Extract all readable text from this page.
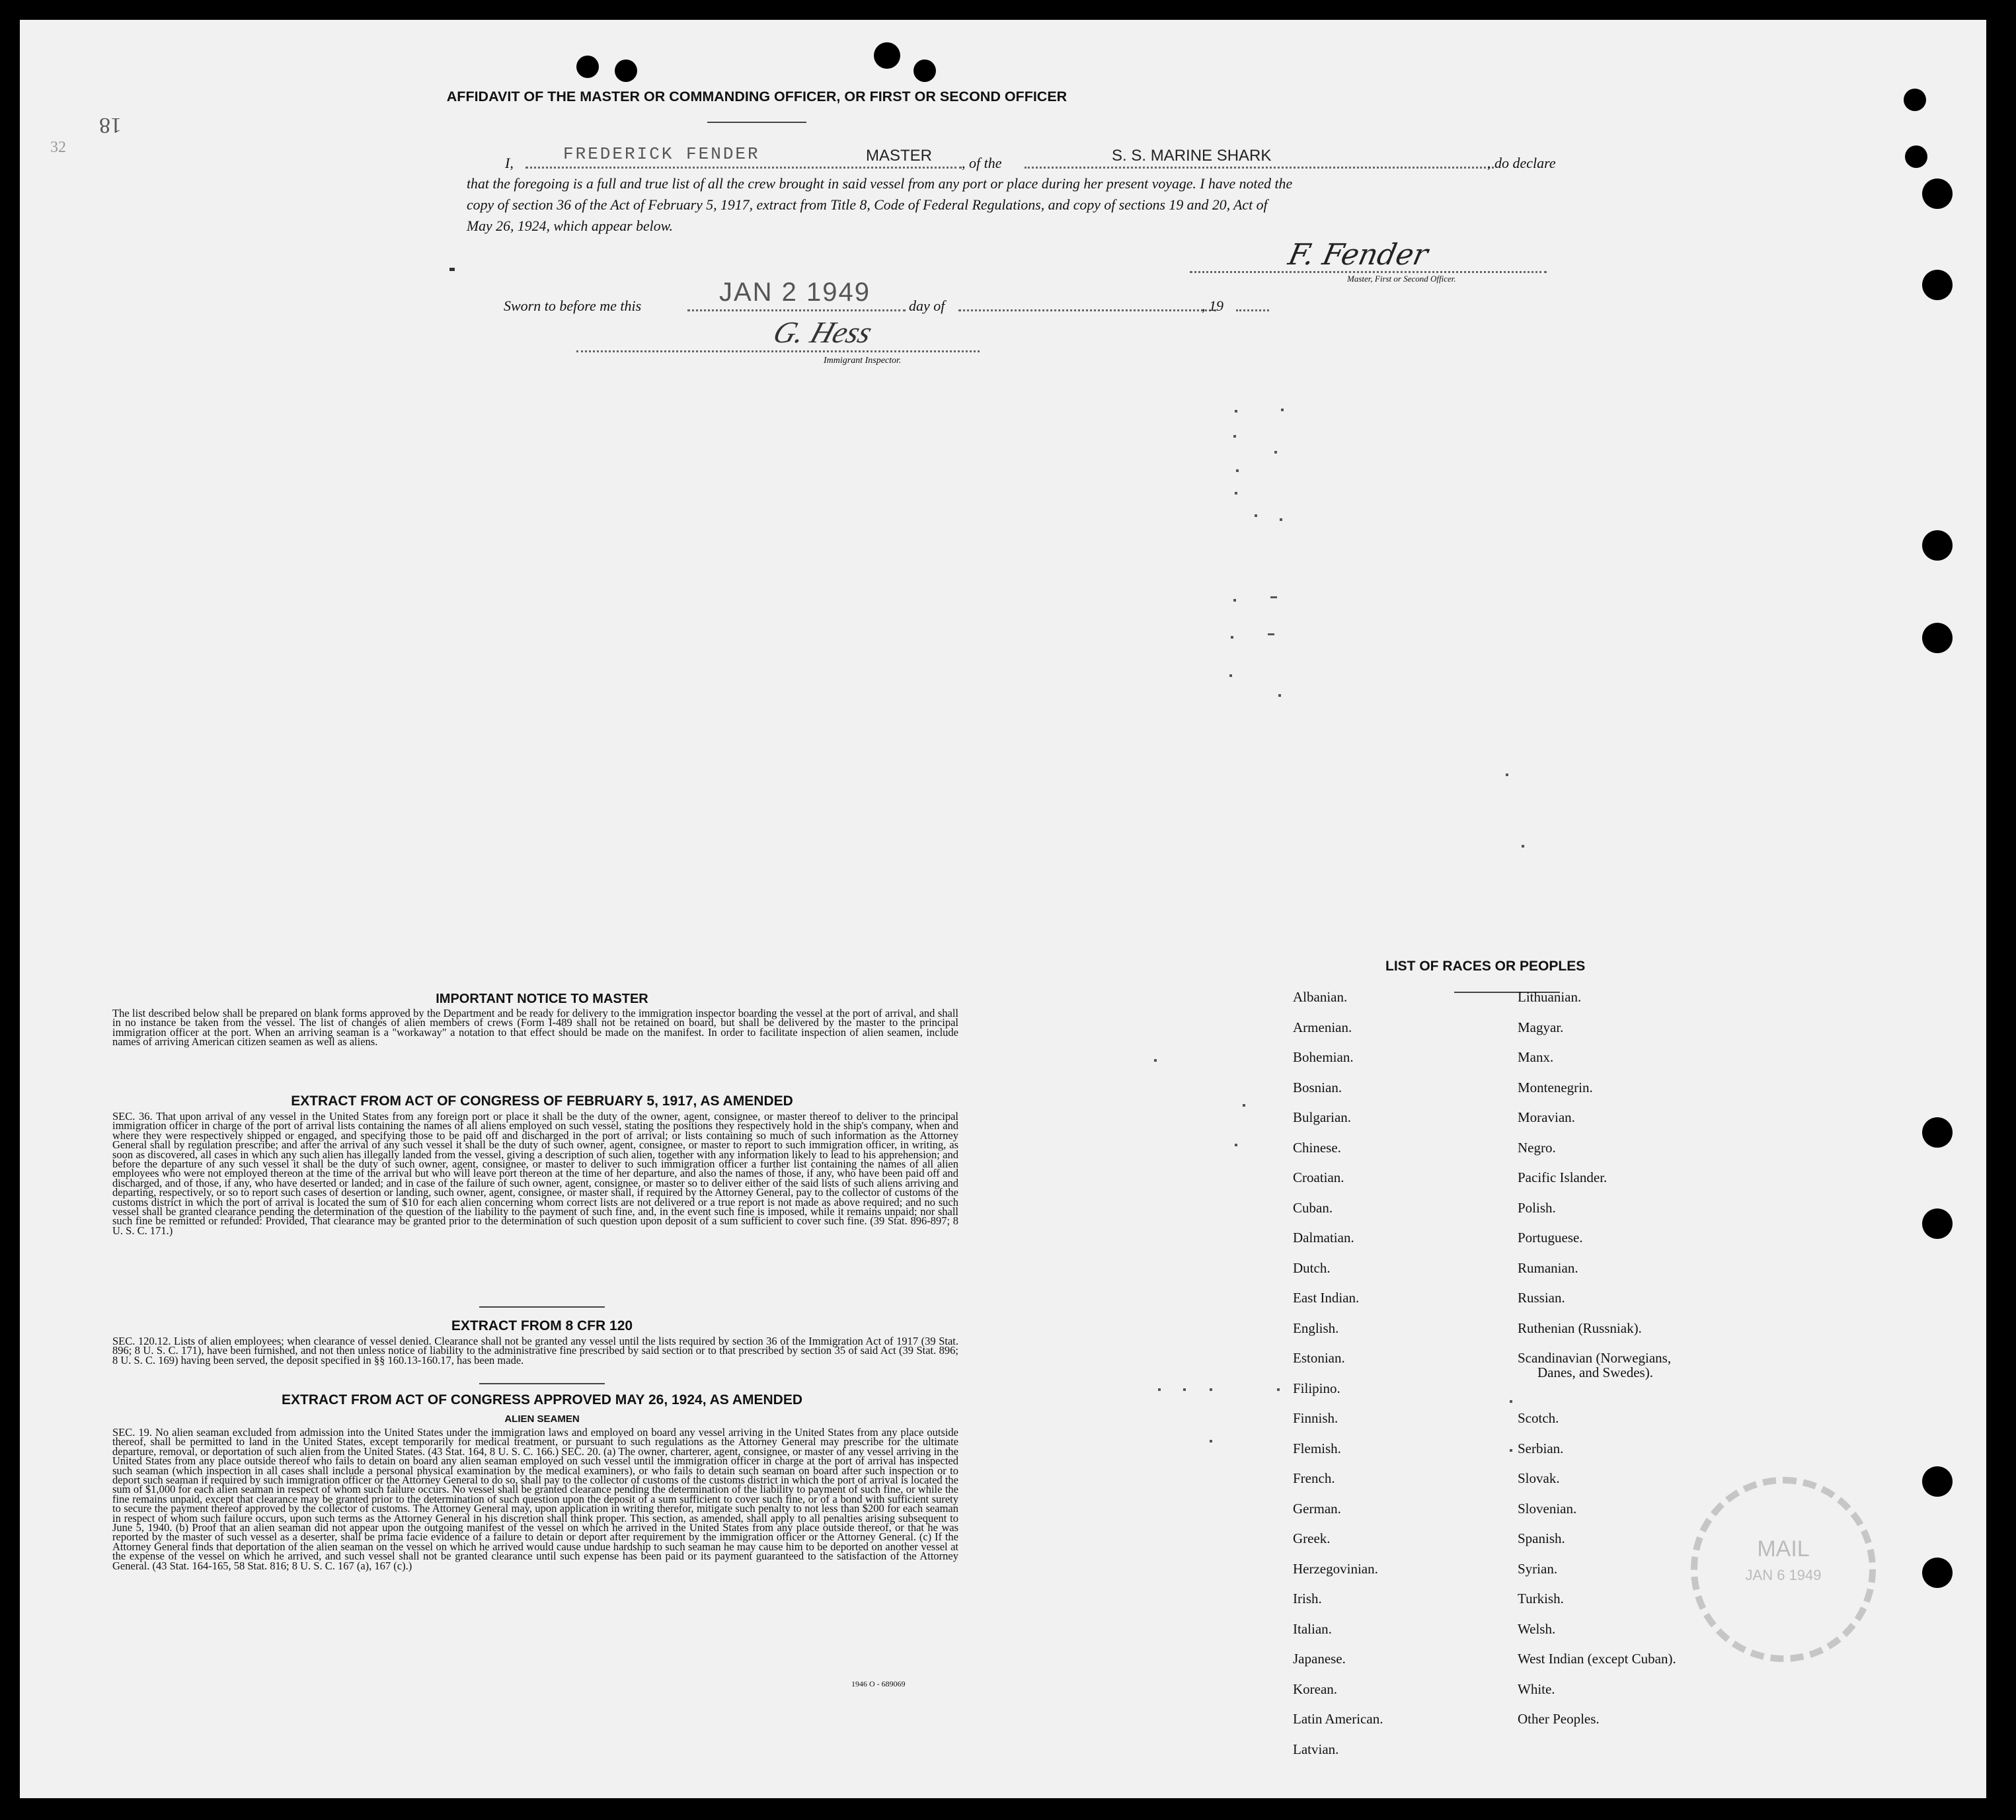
18
32
AFFIDAVIT OF THE MASTER OR COMMANDING OFFICER, OR FIRST OR SECOND OFFICER
I,	FREDERICK FENDER	MASTER , of the	S. S. MARINE SHARK	, do declare
that the foregoing is a full and true list of all the crew brought in said vessel from any port or place during her present voyage. I have noted the
copy of section 36 of the Act of February 5, 1917, extract from Title 8, Code of Federal Regulations, and copy of sections 19 and 20, Act of
May 26, 1924, which appear below.
F. Fender
Master, First or Second Officer.
Sworn to before me this	JAN 2 1949	day of	, 19
G. Hess
Immigrant Inspector.
IMPORTANT NOTICE TO MASTER
The list described below shall be prepared on blank forms approved by the Department and be ready for delivery to the immigration inspector boarding the vessel at the port of arrival, and shall in no instance be taken from the vessel. The list of changes of alien members of crews (Form I-489 shall not be retained on board, but shall be delivered by the master to the principal immigration officer at the port. When an arriving seaman is a "workaway" a notation to that effect should be made on the manifest. In order to facilitate inspection of alien seamen, include names of arriving American citizen seamen as well as aliens.
EXTRACT FROM ACT OF CONGRESS OF FEBRUARY 5, 1917, AS AMENDED
SEC. 36. That upon arrival of any vessel in the United States from any foreign port or place it shall be the duty of the owner, agent, consignee, or master thereof to deliver to the principal immigration officer in charge of the port of arrival lists containing the names of all aliens employed on such vessel, stating the positions they respectively hold in the ship's company, when and where they were respectively shipped or engaged, and specifying those to be paid off and discharged in the port of arrival; or lists containing so much of such information as the Attorney General shall by regulation prescribe; and after the arrival of any such vessel it shall be the duty of such owner, agent, consignee, or master to report to such immigration officer, in writing, as soon as discovered, all cases in which any such alien has illegally landed from the vessel, giving a description of such alien, together with any information likely to lead to his apprehension; and before the departure of any such vessel it shall be the duty of such owner, agent, consignee, or master to deliver to such immigration officer a further list containing the names of all alien employees who were not employed thereon at the time of the arrival but who will leave port thereon at the time of her departure, and also the names of those, if any, who have been paid off and discharged, and of those, if any, who have deserted or landed; and in case of the failure of such owner, agent, consignee, or master so to deliver either of the said lists of such aliens arriving and departing, respectively, or so to report such cases of desertion or landing, such owner, agent, consignee, or master shall, if required by the Attorney General, pay to the collector of customs of the customs district in which the port of arrival is located the sum of $10 for each alien concerning whom correct lists are not delivered or a true report is not made as above required; and no such vessel shall be granted clearance pending the determination of the question of the liability to the payment of such fine, and, in the event such fine is imposed, while it remains unpaid; nor shall such fine be remitted or refunded: Provided, That clearance may be granted prior to the determination of such question upon deposit of a sum sufficient to cover such fine. (39 Stat. 896-897; 8 U. S. C. 171.)
EXTRACT FROM 8 CFR 120
SEC. 120.12. Lists of alien employees; when clearance of vessel denied. Clearance shall not be granted any vessel until the lists required by section 36 of the Immigration Act of 1917 (39 Stat. 896; 8 U. S. C. 171), have been furnished, and not then unless notice of liability to the administrative fine prescribed by said section or to that prescribed by section 35 of said Act (39 Stat. 896; 8 U. S. C. 169) having been served, the deposit specified in §§ 160.13-160.17, has been made.
EXTRACT FROM ACT OF CONGRESS APPROVED MAY 26, 1924, AS AMENDED
ALIEN SEAMEN
SEC. 19. No alien seaman excluded from admission into the United States under the immigration laws and employed on board any vessel arriving in the United States from any place outside thereof, shall be permitted to land in the United States, except temporarily for medical treatment, or pursuant to such regulations as the Attorney General may prescribe for the ultimate departure, removal, or deportation of such alien from the United States. (43 Stat. 164, 8 U. S. C. 166.) SEC. 20. (a) The owner, charterer, agent, consignee, or master of any vessel arriving in the United States from any place outside thereof who fails to detain on board any alien seaman employed on such vessel until the immigration officer in charge at the port of arrival has inspected such seaman (which inspection in all cases shall include a personal physical examination by the medical examiners), or who fails to detain such seaman on board after such inspection or to deport such seaman if required by such immigration officer or the Attorney General to do so, shall pay to the collector of customs of the customs district in which the port of arrival is located the sum of $1,000 for each alien seaman in respect of whom such failure occurs. No vessel shall be granted clearance pending the determination of the liability to payment of such fine, or while the fine remains unpaid, except that clearance may be granted prior to the determination of such question upon the deposit of a sum sufficient to cover such fine, or of a bond with sufficient surety to secure the payment thereof approved by the collector of customs. The Attorney General may, upon application in writing therefor, mitigate such penalty to not less than $200 for each seaman in respect of whom such failure occurs, upon such terms as the Attorney General in his discretion shall think proper. This section, as amended, shall apply to all penalties arising subsequent to June 5, 1940. (b) Proof that an alien seaman did not appear upon the outgoing manifest of the vessel on which he arrived in the United States from any place outside thereof, or that he was reported by the master of such vessel as a deserter, shall be prima facie evidence of a failure to detain or deport after requirement by the immigration officer or the Attorney General. (c) If the Attorney General finds that deportation of the alien seaman on the vessel on which he arrived would cause undue hardship to such seaman he may cause him to be deported on another vessel at the expense of the vessel on which he arrived, and such vessel shall not be granted clearance until such expense has been paid or its payment guaranteed to the satisfaction of the Attorney General. (43 Stat. 164-165, 58 Stat. 816; 8 U. S. C. 167 (a), 167 (c).)
1946 O - 689069
LIST OF RACES OR PEOPLES
Albanian.
Armenian.
Bohemian.
Bosnian.
Bulgarian.
Chinese.
Croatian.
Cuban.
Dalmatian.
Dutch.
East Indian.
English.
Estonian.
Filipino.
Finnish.
Flemish.
French.
German.
Greek.
Herzegovinian.
Irish.
Italian.
Japanese.
Korean.
Latin American.
Latvian.
Lithuanian.
Magyar.
Manx.
Montenegrin.
Moravian.
Negro.
Pacific Islander.
Polish.
Portuguese.
Rumanian.
Russian.
Ruthenian (Russniak).
Scandinavian (Norwegians,
Danes, and Swedes).
Scotch.
Serbian.
Slovak.
Slovenian.
Spanish.
Syrian.
Turkish.
Welsh.
West Indian (except Cuban).
White.
Other Peoples.
MAIL
JAN 6 1949
